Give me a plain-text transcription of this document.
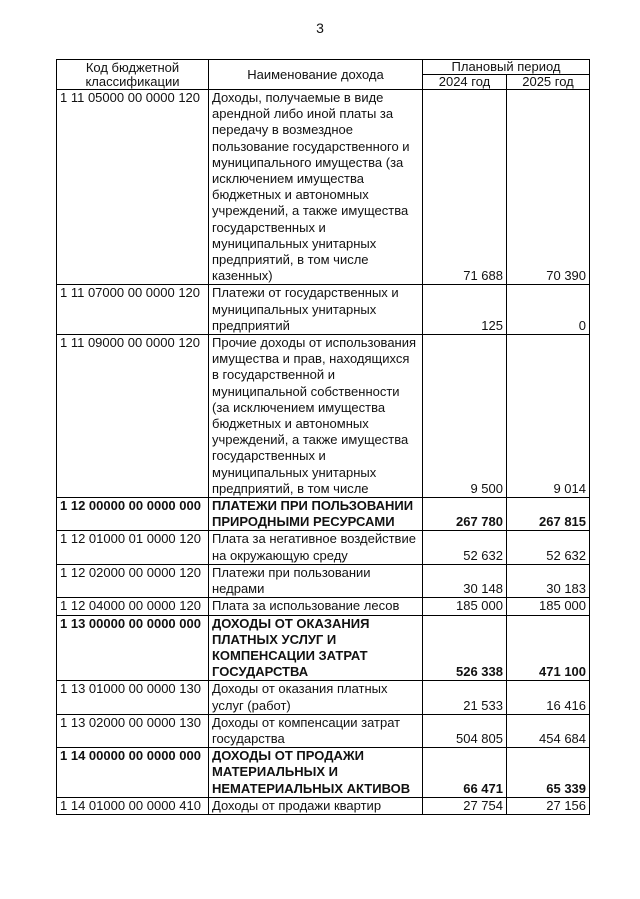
3
Код бюджетной классификации	Наименование дохода	Плановый период	
		2024 год	2025 год
1 11 05000 00 0000 120	Доходы, получаемые в виде арендной либо иной платы за передачу в возмездное пользование государственного и муниципального имущества (за исключением имущества бюджетных и автономных учреждений, а также имущества государственных и муниципальных унитарных предприятий, в том числе казенных)	71 688	70 390
1 11 07000 00 0000 120	Платежи от государственных и муниципальных унитарных предприятий	125	0
1 11 09000 00 0000 120	Прочие доходы от использования имущества и прав, находящихся в государственной и муниципальной собственности (за исключением имущества бюджетных и автономных учреждений, а также имущества государственных и муниципальных унитарных предприятий, в том числе	9 500	9 014
1 12 00000 00 0000 000	ПЛАТЕЖИ ПРИ ПОЛЬЗОВАНИИ ПРИРОДНЫМИ РЕСУРСАМИ	267 780	267 815
1 12 01000 01 0000 120	Плата за негативное воздействие на окружающую среду	52 632	52 632
1 12 02000 00 0000 120	Платежи при пользовании недрами	30 148	30 183
1 12 04000 00 0000 120	Плата за использование лесов	185 000	185 000
1 13 00000 00 0000 000	ДОХОДЫ ОТ ОКАЗАНИЯ ПЛАТНЫХ УСЛУГ И КОМПЕНСАЦИИ ЗАТРАТ ГОСУДАРСТВА	526 338	471 100
1 13 01000 00 0000 130	Доходы от оказания платных услуг (работ)	21 533	16 416
1 13 02000 00 0000 130	Доходы от компенсации затрат государства	504 805	454 684
1 14 00000 00 0000 000	ДОХОДЫ ОТ ПРОДАЖИ МАТЕРИАЛЬНЫХ И НЕМАТЕРИАЛЬНЫХ АКТИВОВ	66 471	65 339
1 14 01000 00 0000 410	Доходы от продажи квартир	27 754	27 156
